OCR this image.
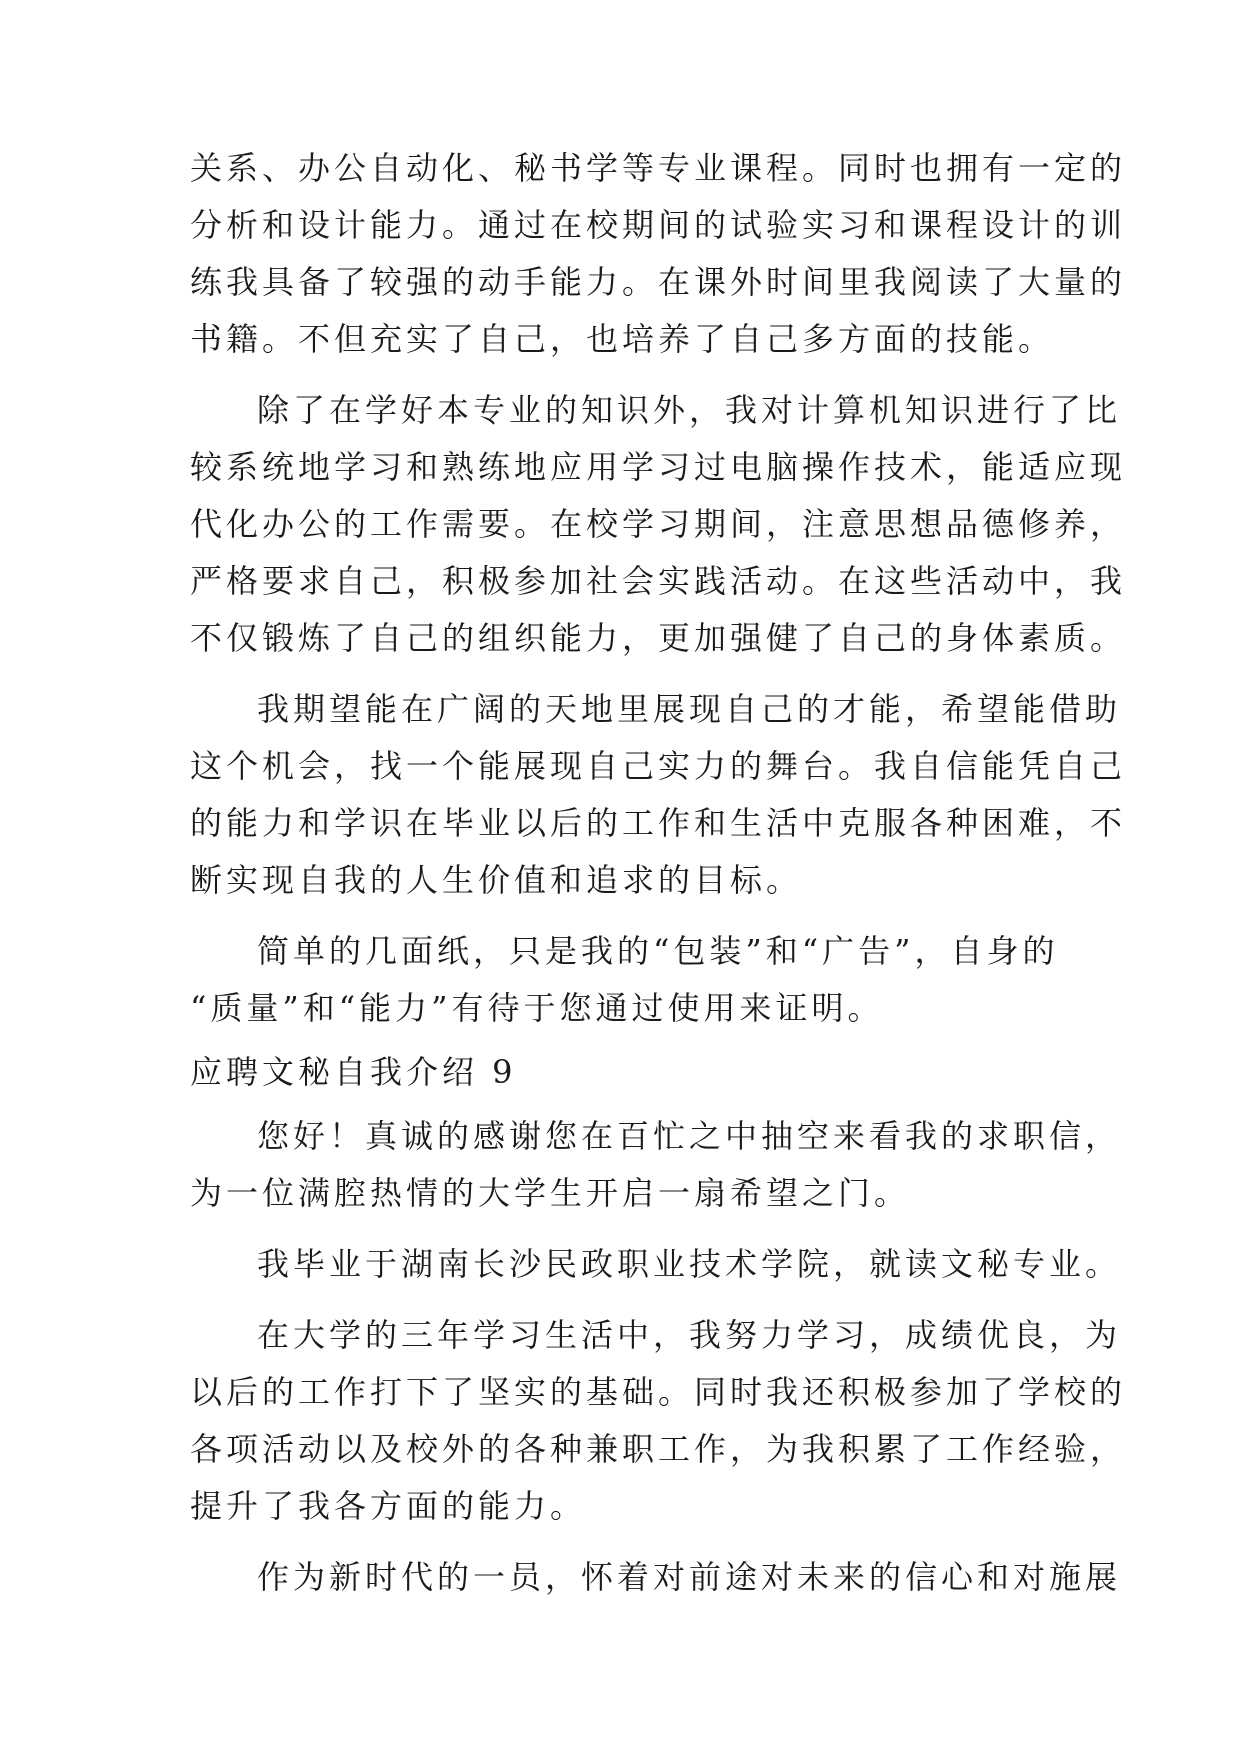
关系、办公自动化、秘书学等专业课程。同时也拥有一定的
分析和设计能力。通过在校期间的试验实习和课程设计的训
练我具备了较强的动手能力。在课外时间里我阅读了大量的
书籍。不但充实了自己，也培养了自己多方面的技能。
除了在学好本专业的知识外，我对计算机知识进行了比
较系统地学习和熟练地应用学习过电脑操作技术，能适应现
代化办公的工作需要。在校学习期间，注意思想品德修养，
严格要求自己，积极参加社会实践活动。在这些活动中，我
不仅锻炼了自己的组织能力，更加强健了自己的身体素质。
我期望能在广阔的天地里展现自己的才能，希望能借助
这个机会，找一个能展现自己实力的舞台。我自信能凭自己
的能力和学识在毕业以后的工作和生活中克服各种困难，不
断实现自我的人生价值和追求的目标。
简单的几面纸，只是我的“包装”和“广告”，自身的
“质量”和“能力”有待于您通过使用来证明。
应聘文秘自我介绍 9
您好！真诚的感谢您在百忙之中抽空来看我的求职信，
为一位满腔热情的大学生开启一扇希望之门。
我毕业于湖南长沙民政职业技术学院，就读文秘专业。
在大学的三年学习生活中，我努力学习，成绩优良，为
以后的工作打下了坚实的基础。同时我还积极参加了学校的
各项活动以及校外的各种兼职工作，为我积累了工作经验，
提升了我各方面的能力。
作为新时代的一员，怀着对前途对未来的信心和对施展
